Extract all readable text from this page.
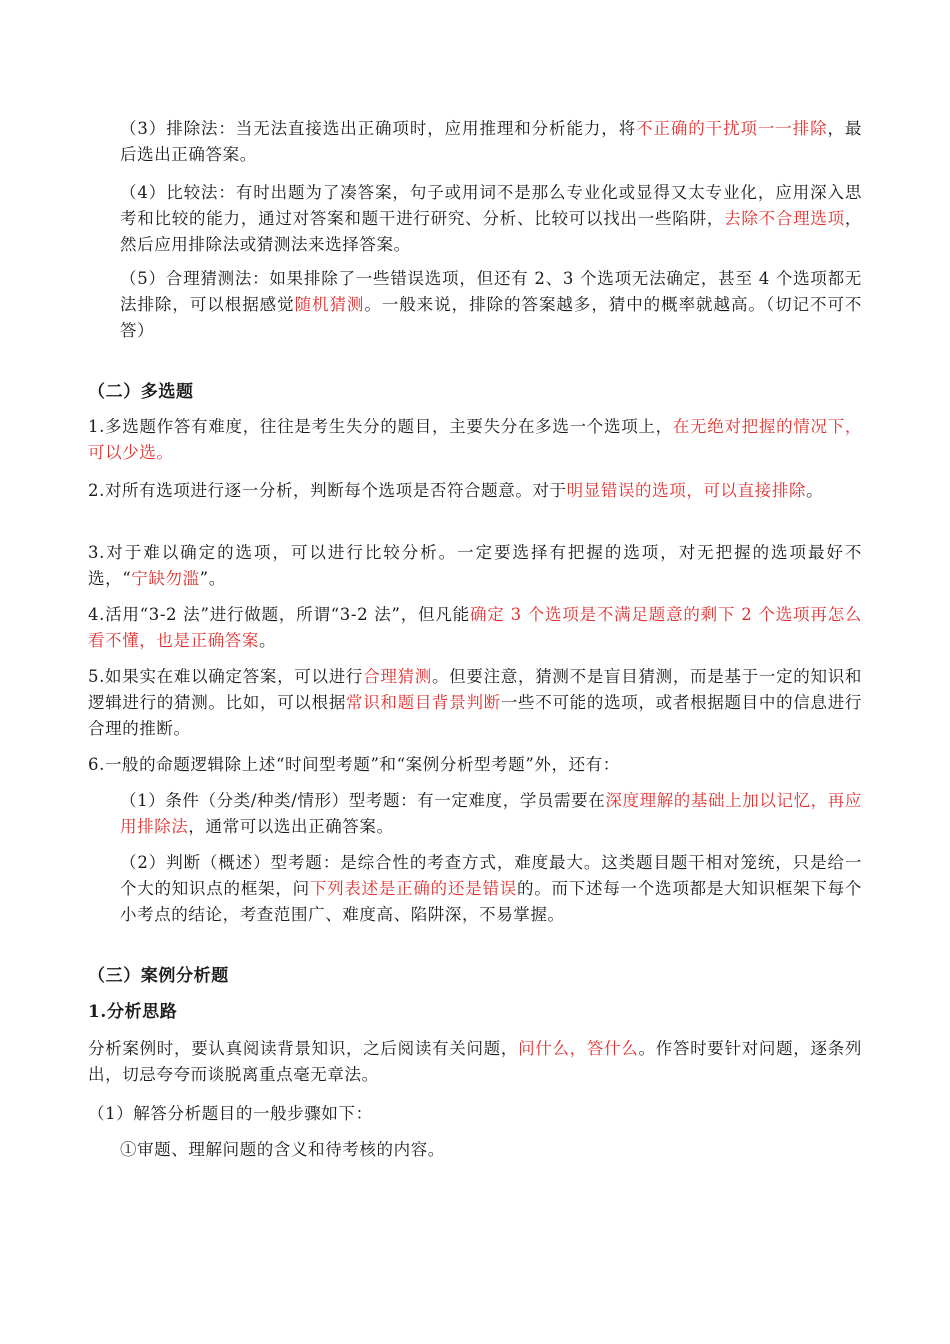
（3）排除法：当无法直接选出正确项时，应用推理和分析能力，将不正确的干扰项一一排除，最后选出正确答案。

（4）比较法：有时出题为了凑答案，句子或用词不是那么专业化或显得又太专业化，应用深入思考和比较的能力，通过对答案和题干进行研究、分析、比较可以找出一些陷阱，去除不合理选项，然后应用排除法或猜测法来选择答案。

（5）合理猜测法：如果排除了一些错误选项，但还有 2、3 个选项无法确定，甚至 4 个选项都无法排除，可以根据感觉随机猜测。一般来说，排除的答案越多，猜中的概率就越高。（切记不可不答）

（二）多选题

1.多选题作答有难度，往往是考生失分的题目，主要失分在多选一个选项上，在无绝对把握的情况下，可以少选。

2.对所有选项进行逐一分析，判断每个选项是否符合题意。对于明显错误的选项，可以直接排除。

3.对于难以确定的选项，可以进行比较分析。一定要选择有把握的选项，对无把握的选项最好不选，“宁缺勿滥”。

4.活用“3-2 法”进行做题，所谓“3-2 法”，但凡能确定 3 个选项是不满足题意的剩下 2 个选项再怎么看不懂，也是正确答案。

5.如果实在难以确定答案，可以进行合理猜测。但要注意，猜测不是盲目猜测，而是基于一定的知识和逻辑进行的猜测。比如，可以根据常识和题目背景判断一些不可能的选项，或者根据题目中的信息进行合理的推断。

6.一般的命题逻辑除上述“时间型考题”和“案例分析型考题”外，还有：

（1）条件（分类/种类/情形）型考题：有一定难度，学员需要在深度理解的基础上加以记忆，再应用排除法，通常可以选出正确答案。

（2）判断（概述）型考题：是综合性的考查方式，难度最大。这类题目题干相对笼统，只是给一个大的知识点的框架，问下列表述是正确的还是错误的。而下述每一个选项都是大知识框架下每个小考点的结论，考查范围广、难度高、陷阱深，不易掌握。

（三）案例分析题

1.分析思路

分析案例时，要认真阅读背景知识，之后阅读有关问题，问什么，答什么。作答时要针对问题，逐条列出，切忌夸夸而谈脱离重点毫无章法。

（1）解答分析题目的一般步骤如下：

①审题、理解问题的含义和待考核的内容。
